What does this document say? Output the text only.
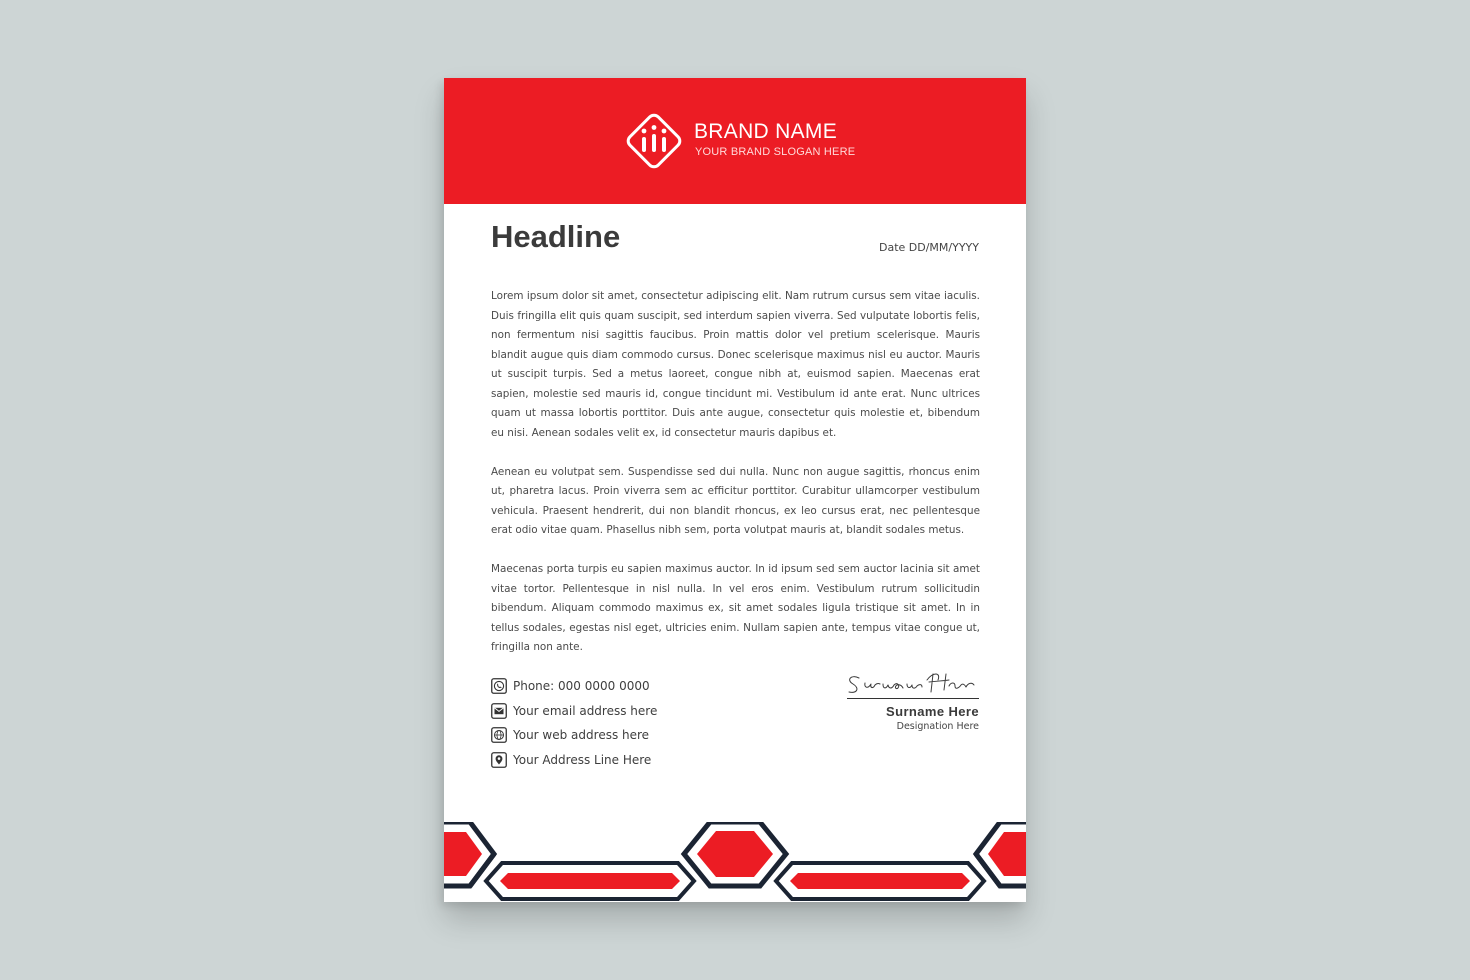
BRAND NAME
YOUR BRAND SLOGAN HERE
Headline	Date DD/MM/YYYY

Lorem ipsum dolor sit amet, consectetur adipiscing elit. Nam rutrum cursus sem vitae iaculis. Duis fringilla elit quis quam suscipit, sed interdum sapien viverra. Sed vulputate lobortis felis, non fermentum nisi sagittis faucibus. Proin mattis dolor vel pretium scelerisque. Mauris blandit augue quis diam commodo cursus. Donec scelerisque maximus nisl eu auctor. Mauris ut suscipit turpis. Sed a metus laoreet, congue nibh at, euismod sapien. Maecenas erat sapien, molestie sed mauris id, congue tincidunt mi. Vestibulum id ante erat. Nunc ultrices quam ut massa lobortis porttitor. Duis ante augue, consectetur quis molestie et, bibendum eu nisi. Aenean sodales velit ex, id consectetur mauris dapibus et.

Aenean eu volutpat sem. Suspendisse sed dui nulla. Nunc non augue sagittis, rhoncus enim ut, pharetra lacus. Proin viverra sem ac efficitur porttitor. Curabitur ullamcorper vestibulum vehicula. Praesent hendrerit, dui non blandit rhoncus, ex leo cursus erat, nec pellentesque erat odio vitae quam. Phasellus nibh sem, porta volutpat mauris at, blandit sodales metus.

Maecenas porta turpis eu sapien maximus auctor. In id ipsum sed sem auctor lacinia sit amet vitae tortor. Pellentesque in nisl nulla. In vel eros enim. Vestibulum rutrum sollicitudin bibendum. Aliquam commodo maximus ex, sit amet sodales ligula tristique sit amet. In in tellus sodales, egestas nisl eget, ultricies enim. Nullam sapien ante, tempus vitae congue ut, fringilla non ante.

Phone: 000 0000 0000
Your email address here
Your web address here
Your Address Line Here
Surname Here
Designation Here
